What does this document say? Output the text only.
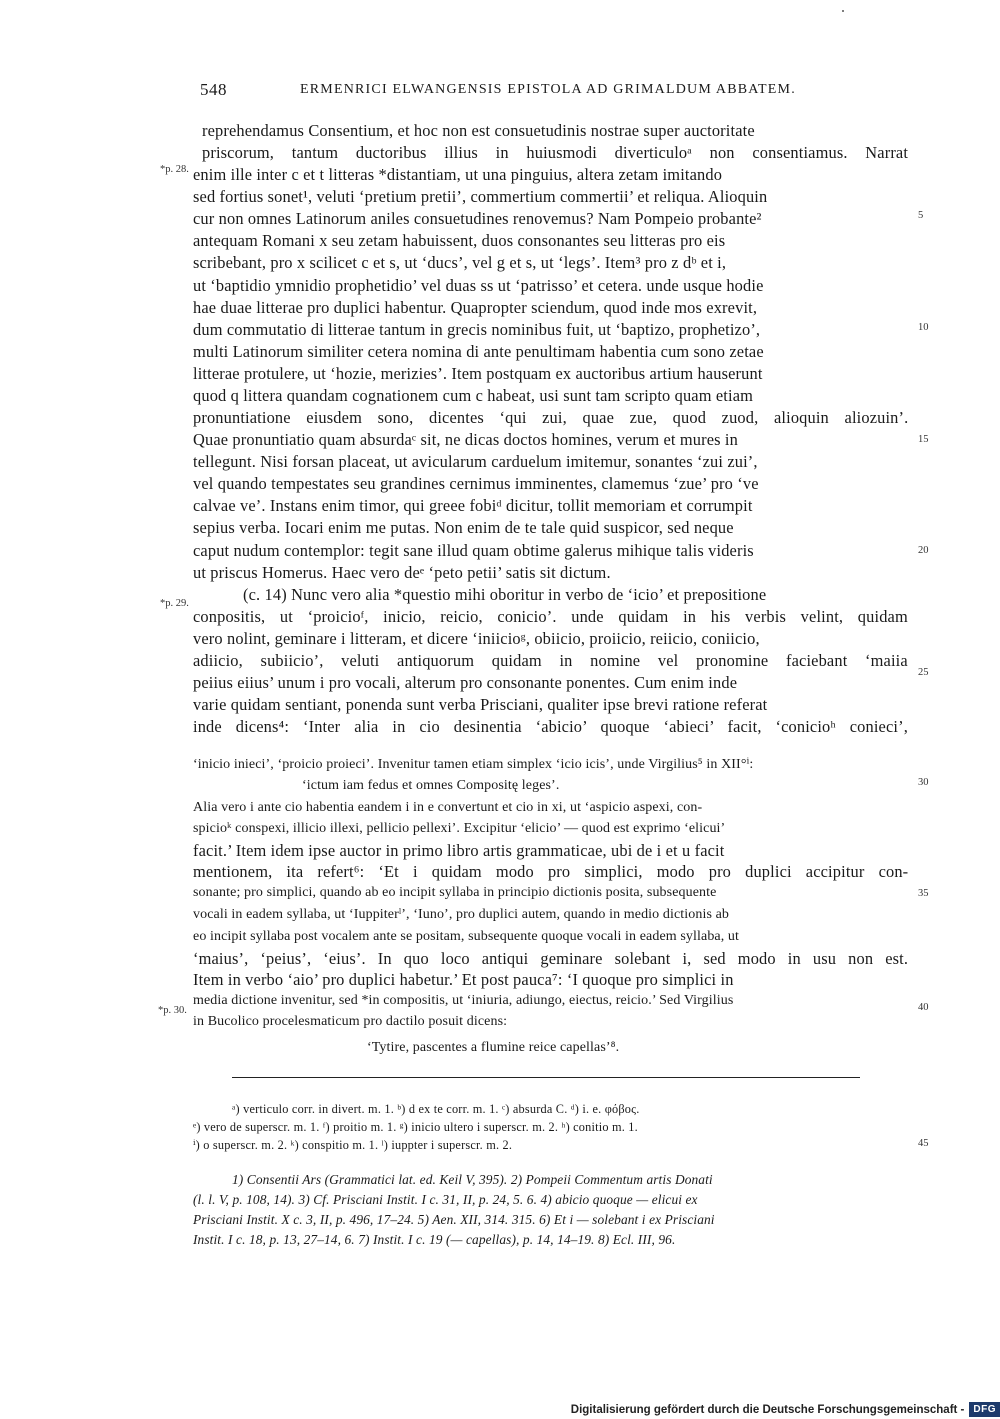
548	ERMENRICI ELWANGENSIS EPISTOLA AD GRIMALDUM ABBATEM.
reprehendamus Consentium, et hoc non est consuetudinis nostrae super auctoritate
priscorum, tantum ductoribus illius in huiusmodi diverticuloᵃ non consentiamus. Narrat
enim ille inter c et t litteras *distantiam, ut una pinguius, altera zetam imitando
sed fortius sonet¹, veluti ‘pretium pretii’, commertium commertii’ et reliqua. Alioquin
cur non omnes Latinorum aniles consuetudines renovemus? Nam Pompeio probante²
antequam Romani x seu zetam habuissent, duos consonantes seu litteras pro eis
scribebant, pro x scilicet c et s, ut ‘ducs’, vel g et s, ut ‘legs’. Item³ pro z dᵇ et i,
ut ‘baptidio ymnidio prophetidio’ vel duas ss ut ‘patrisso’ et cetera. unde usque hodie
hae duae litterae pro duplici habentur. Quapropter sciendum, quod inde mos exrevit,
dum commutatio di litterae tantum in grecis nominibus fuit, ut ‘baptizo, prophetizo’,
multi Latinorum similiter cetera nomina di ante penultimam habentia cum sono zetae
litterae protulere, ut ‘hozie, merizies’. Item postquam ex auctoribus artium hauserunt
quod q littera quandam cognationem cum c habeat, usi sunt tam scripto quam etiam
pronuntiatione eiusdem sono, dicentes ‘qui zui, quae zue, quod zuod, alioquin aliozuin’.
Quae pronuntiatio quam absurdaᶜ sit, ne dicas doctos homines, verum et mures in
tellegunt. Nisi forsan placeat, ut avicularum carduelum imitemur, sonantes ‘zui zui’,
vel quando tempestates seu grandines cernimus imminentes, clamemus ‘zue’ pro ‘ve
calvae ve’. Instans enim timor, qui greee fobiᵈ dicitur, tollit memoriam et corrumpit
sepius verba. Iocari enim me putas. Non enim de te tale quid suspicor, sed neque
caput nudum contemplor: tegit sane illud quam obtime galerus mihique talis videris
ut priscus Homerus. Haec vero deᵉ ‘peto petii’ satis sit dictum.
(c. 14) Nunc vero alia *questio mihi oboritur in verbo de ‘icio’ et prepositione
conpositis, ut ‘proicioᶠ, inicio, reicio, conicio’. unde quidam in his verbis velint, quidam
vero nolint, geminare i litteram, et dicere ‘iniicioᵍ, obiicio, proiicio, reiicio, coniicio,
adiicio, subiicio’, veluti antiquorum quidam in nomine vel pronomine faciebant ‘maiia
peiius eiius’ unum i pro vocali, alterum pro consonante ponentes. Cum enim inde
varie quidam sentiant, ponenda sunt verba Prisciani, qualiter ipse brevi ratione referat
inde dicens⁴: ‘Inter alia in cio desinentia ‘abicio’ quoque ‘abieci’ facit, ‘conicioʰ conieci’,
‘inicio inieci’, ‘proicio proieci’. Invenitur tamen etiam simplex ‘icio icis’, unde Virgilius⁵ in XII°ⁱ:
‘ictum iam fedus et omnes Compositę leges’.
Alia vero i ante cio habentia eandem i in e convertunt et cio in xi, ut ‘aspicio aspexi, con-
spicioᵏ conspexi, illicio illexi, pellicio pellexi’. Excipitur ‘elicio’ — quod est exprimo ‘elicui’
facit.’ Item idem ipse auctor in primo libro artis grammaticae, ubi de i et u facit
mentionem, ita refert⁶: ‘Et i quidam modo pro simplici, modo pro duplici accipitur con-
sonante; pro simplici, quando ab eo incipit syllaba in principio dictionis posita, subsequente
vocali in eadem syllaba, ut ‘Iuppiterˡ’, ‘Iuno’, pro duplici autem, quando in medio dictionis ab
eo incipit syllaba post vocalem ante se positam, subsequente quoque vocali in eadem syllaba, ut
‘maius’, ‘peius’, ‘eius’. In quo loco antiqui geminare solebant i, sed modo in usu non est.
Item in verbo ‘aio’ pro duplici habetur.’ Et post pauca⁷: ‘I quoque pro simplici in
media dictione invenitur, sed *in compositis, ut ‘iniuria, adiungo, eiectus, reicio.’ Sed Virgilius
in Bucolico procelesmaticum pro dactilo posuit dicens:
‘Tytire, pascentes a flumine reice capellas’⁸.
ᵃ) verticulo corr. in divert. m. 1. ᵇ) d ex te corr. m. 1. ᶜ) absurda C. ᵈ) i. e. φόβος.
ᵉ) vero de superscr. m. 1. ᶠ) proitio m. 1. ᵍ) inicio ultero i superscr. m. 2. ʰ) conitio m. 1.
ⁱ) o superscr. m. 2. ᵏ) conspitio m. 1. ˡ) iuppter i superscr. m. 2.
1) Consentii Ars (Grammatici lat. ed. Keil V, 395). 2) Pompeii Commentum artis Donati
(l. l. V, p. 108, 14). 3) Cf. Prisciani Instit. I c. 31, II, p. 24, 5. 6. 4) abicio quoque — elicui ex
Prisciani Instit. X c. 3, II, p. 496, 17–24. 5) Aen. XII, 314. 315. 6) Et i — solebant i ex Prisciani
Instit. I c. 18, p. 13, 27–14, 6. 7) Instit. I c. 19 (— capellas), p. 14, 14–19. 8) Ecl. III, 96.
*p. 28.
*p. 29.
*p. 30.
5
10
15
20
25
30
35
40
45
Digitalisierung gefördert durch die Deutsche Forschungsgemeinschaft - DFG
